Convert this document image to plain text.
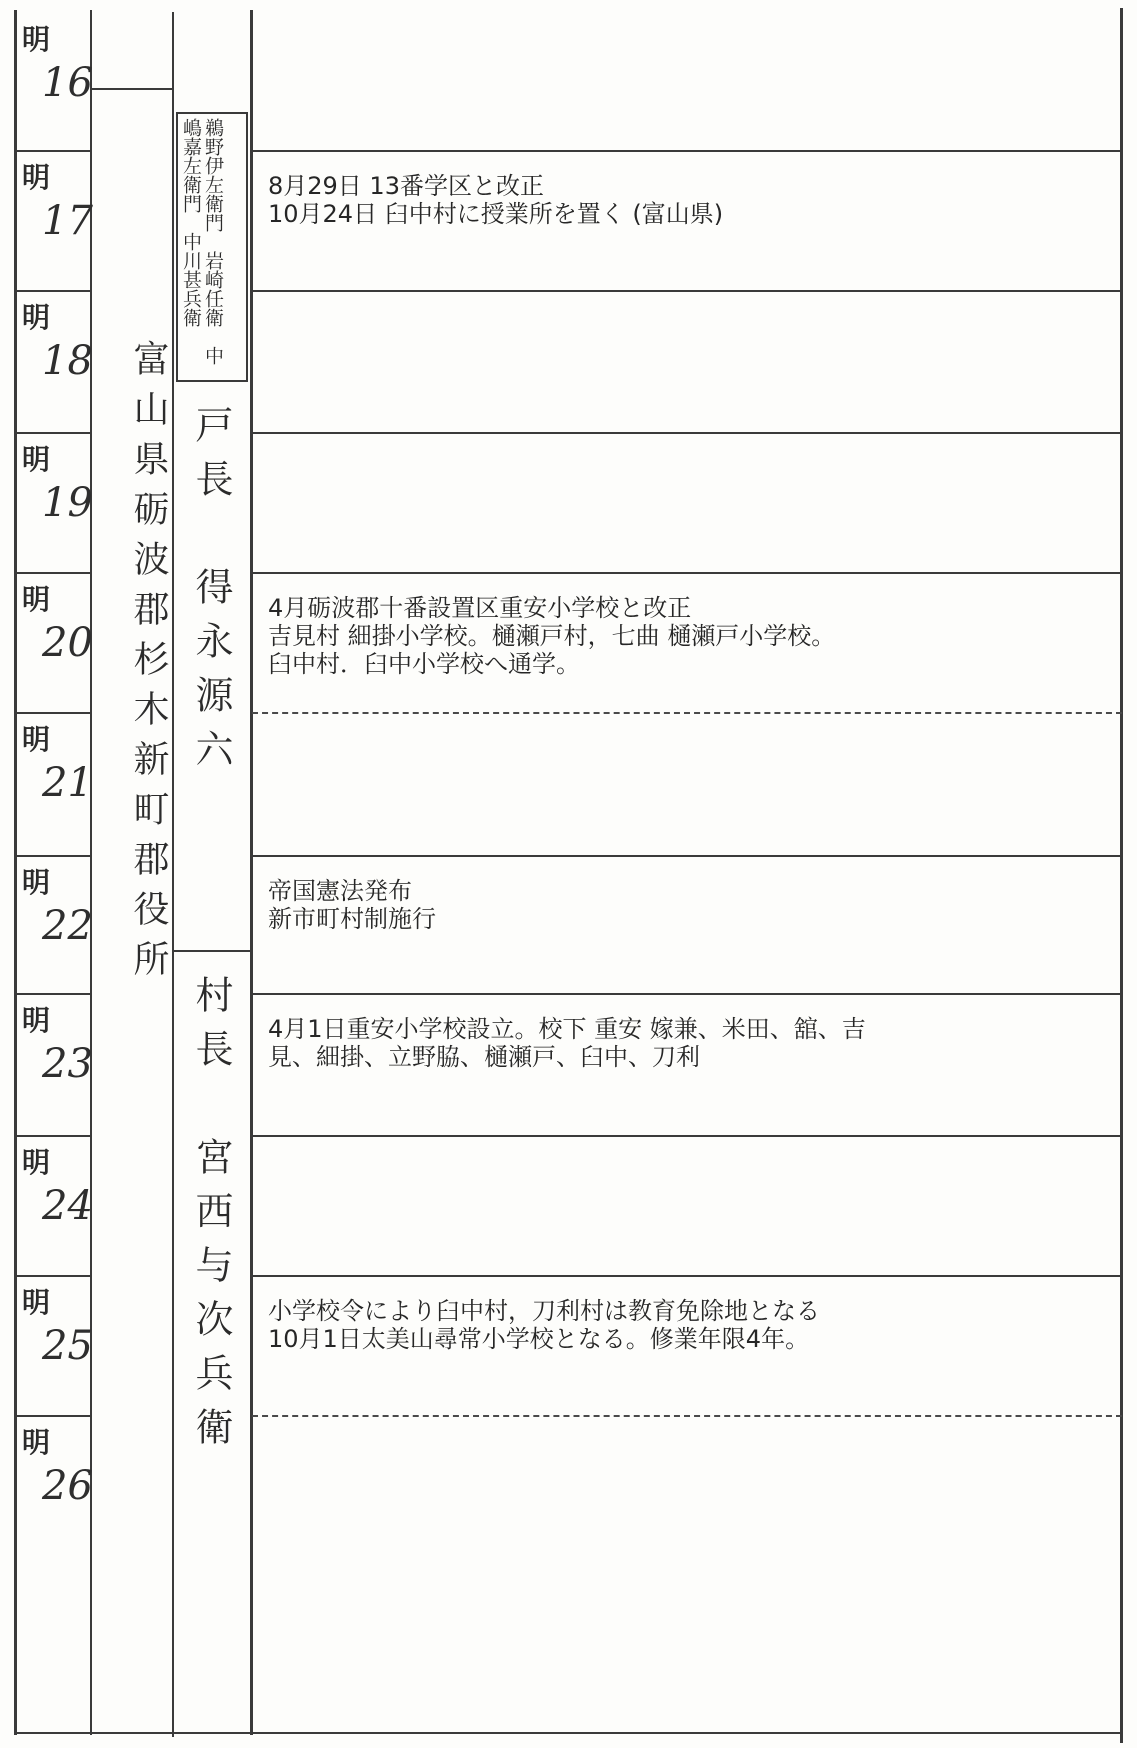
明
16
明
17
明
18
明
19
明
20
明
21
明
22
明
23
明
24
明
25
明
26
富山県砺波郡杉木新町郡役所
鵜野伊左衛門　岩崎任衛　中嶋嘉左衛門　中川甚兵衛
戸長　得永源六
村長　宮西与次兵衛
8月29日 13番学区と改正
10月24日 臼中村に授業所を置く (富山県)
4月砺波郡十番設置区重安小学校と改正
吉見村 細掛小学校。樋瀬戸村，七曲 樋瀬戸小学校。
臼中村．臼中小学校へ通学。
帝国憲法発布
新市町村制施行
4月1日重安小学校設立。校下 重安 嫁兼、米田、舘、吉
見、細掛、立野脇、樋瀬戸、臼中、刀利
小学校令により臼中村，刀利村は教育免除地となる
10月1日太美山尋常小学校となる。修業年限4年。
